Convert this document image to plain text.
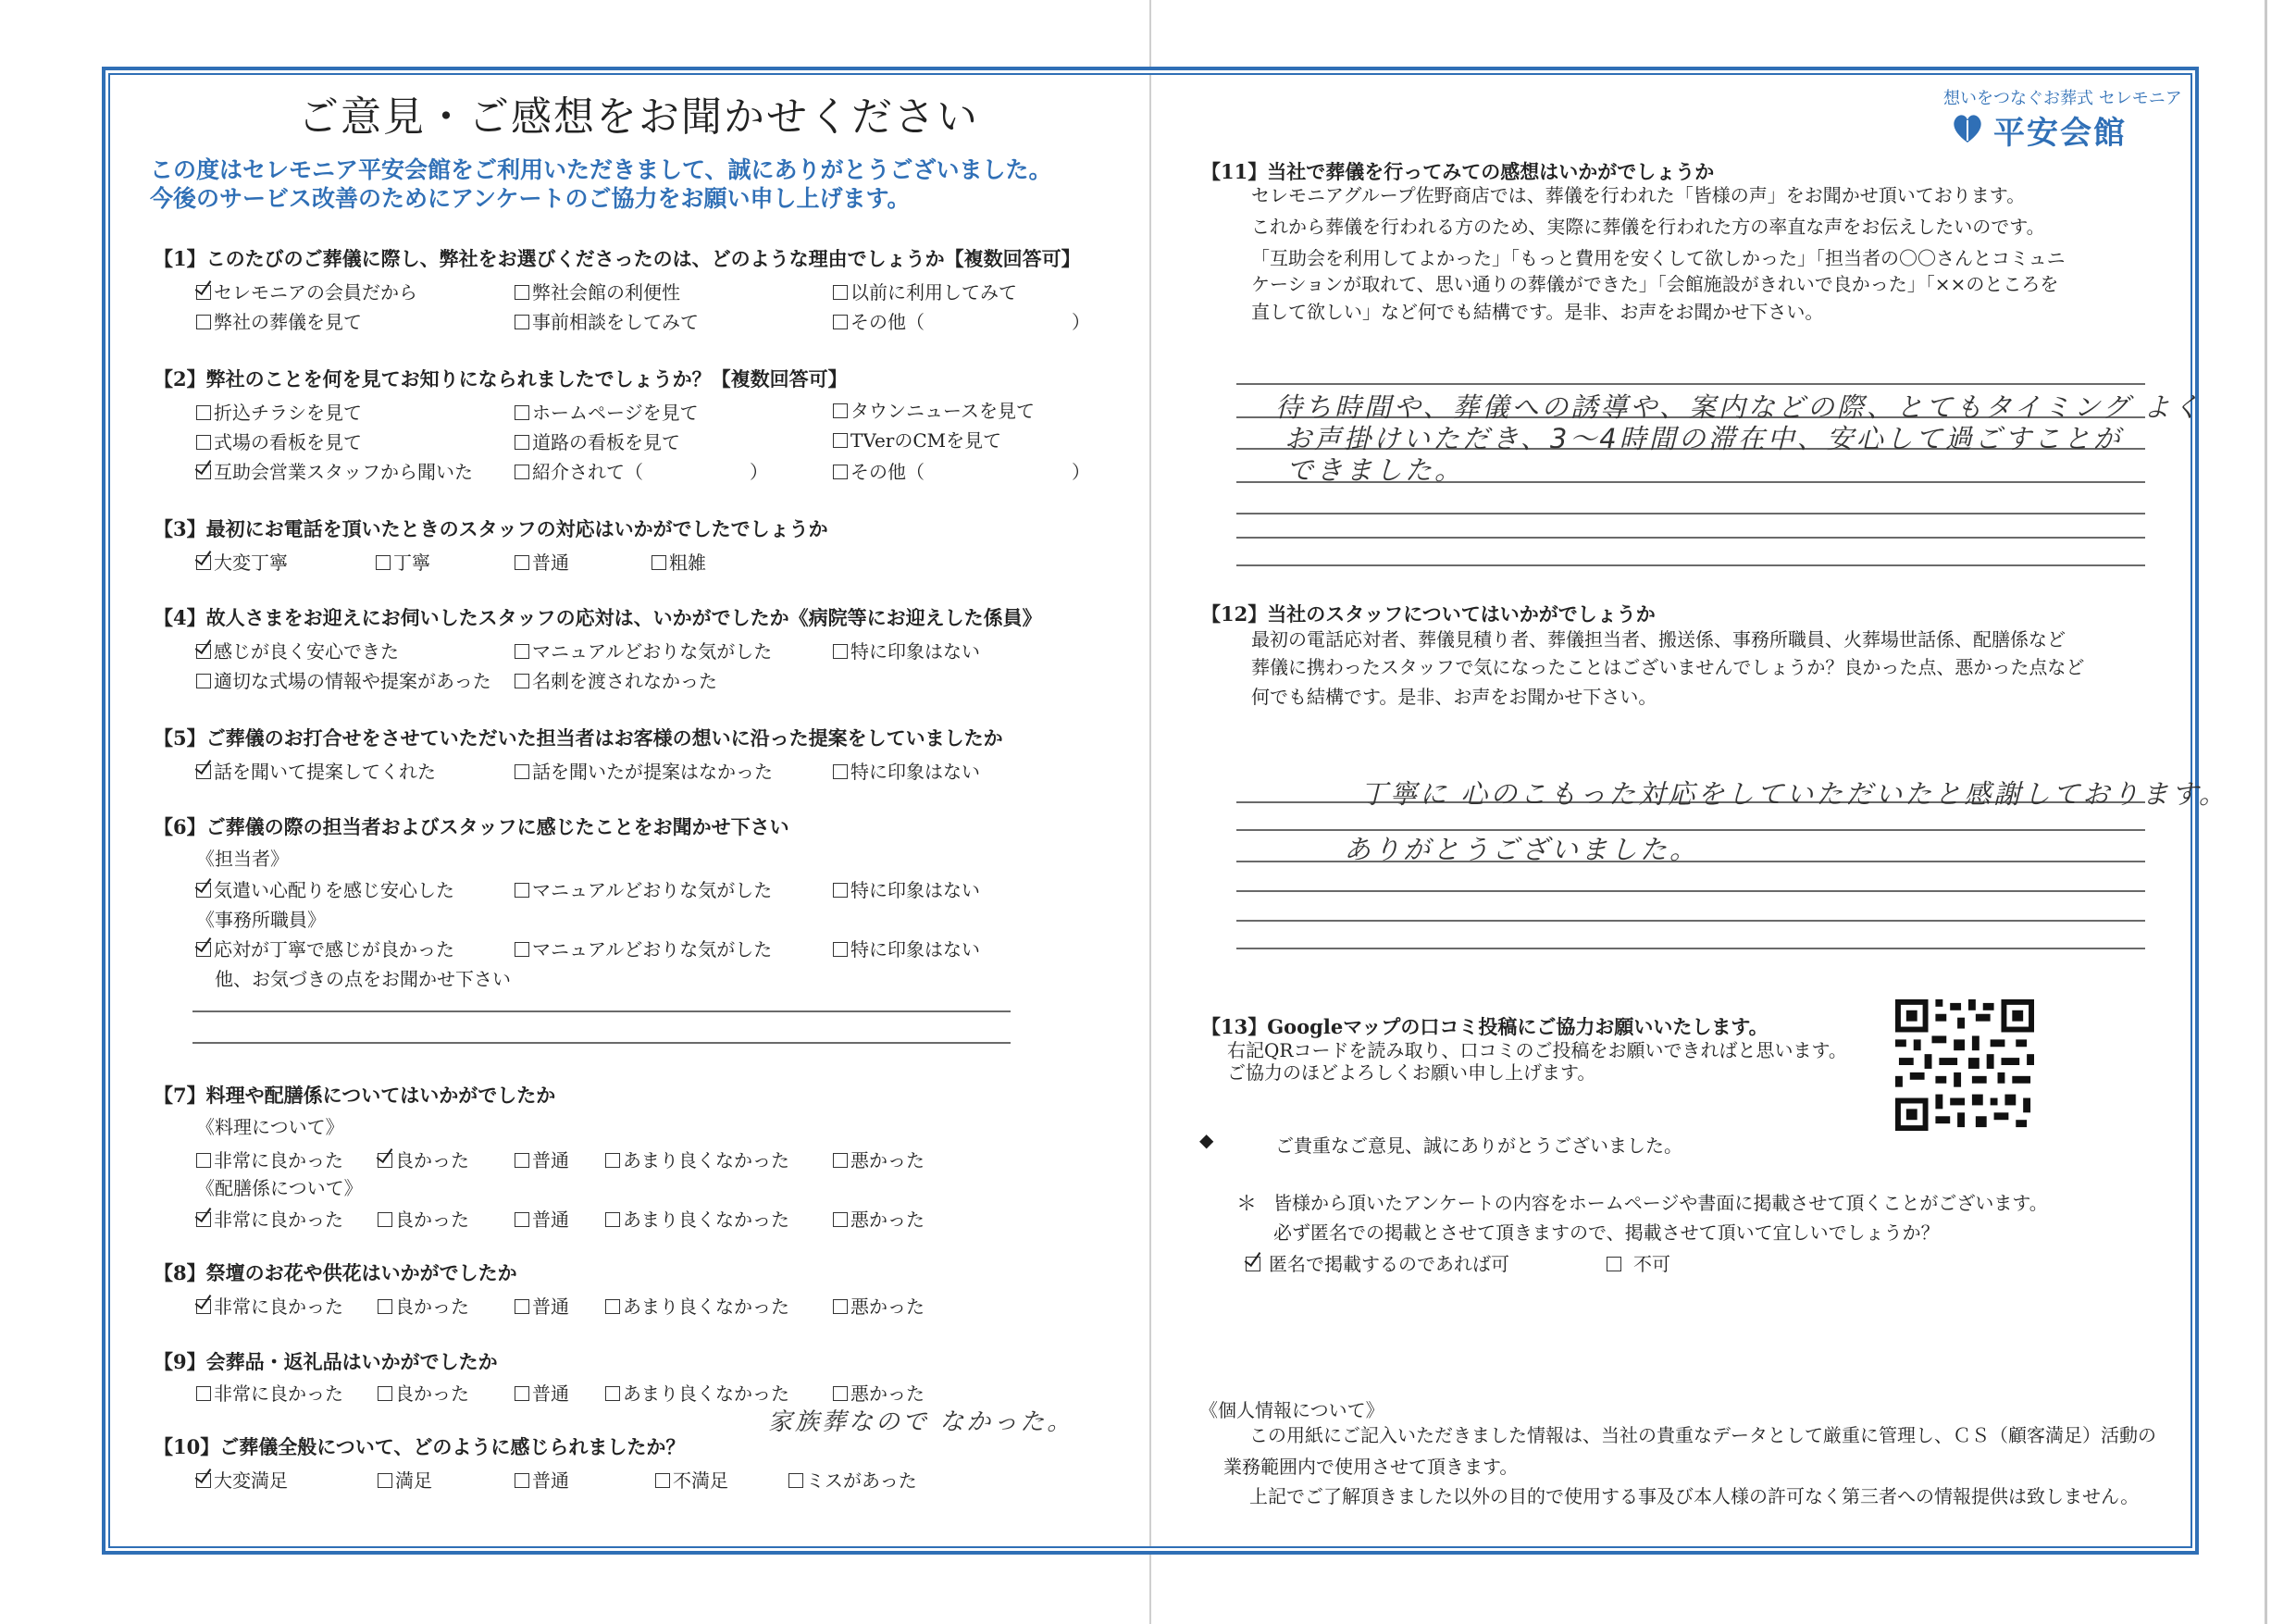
ご意見・ご感想をお聞かせください
この度はセレモニア平安会館をご利用いただきまして、誠にありがとうございました。
今後のサービス改善のためにアンケートのご協力をお願い申し上げます。
想いをつなぐお葬式 セレモニア
平安会館
【1】このたびのご葬儀に際し、弊社をお選びくださったのは、どのような理由でしょうか【複数回答可】
セレモニアの会員だから	弊社会館の利便性	以前に利用してみて
弊社の葬儀を見て	事前相談をしてみて	その他（	）
【2】弊社のことを何を見てお知りになられましたでしょうか？【複数回答可】
折込チラシを見て	ホームページを見て	タウンニュースを見て
式場の看板を見て	道路の看板を見て	TVerのCMを見て
互助会営業スタッフから聞いた	紹介されて（	）	その他（	）
【3】最初にお電話を頂いたときのスタッフの対応はいかがでしたでしょうか
大変丁寧	丁寧	普通	粗雑
【4】故人さまをお迎えにお伺いしたスタッフの応対は、いかがでしたか《病院等にお迎えした係員》
感じが良く安心できた	マニュアルどおりな気がした	特に印象はない
適切な式場の情報や提案があった	名刺を渡されなかった
【5】ご葬儀のお打合せをさせていただいた担当者はお客様の想いに沿った提案をしていましたか
話を聞いて提案してくれた	話を聞いたが提案はなかった	特に印象はない
【6】ご葬儀の際の担当者およびスタッフに感じたことをお聞かせ下さい
《担当者》
気遣い心配りを感じ安心した	マニュアルどおりな気がした	特に印象はない
《事務所職員》
応対が丁寧で感じが良かった	マニュアルどおりな気がした	特に印象はない
他、お気づきの点をお聞かせ下さい
【7】料理や配膳係についてはいかがでしたか
《料理について》
非常に良かった	良かった	普通	あまり良くなかった	悪かった
《配膳係について》
非常に良かった	良かった	普通	あまり良くなかった	悪かった
【8】祭壇のお花や供花はいかがでしたか
非常に良かった	良かった	普通	あまり良くなかった	悪かった
【9】会葬品・返礼品はいかがでしたか
非常に良かった	良かった	普通	あまり良くなかった	悪かった
家族葬なので なかった。
【10】ご葬儀全般について、どのように感じられましたか？
大変満足	満足	普通	不満足	ミスがあった
【11】当社で葬儀を行ってみての感想はいかがでしょうか
セレモニアグループ佐野商店では、葬儀を行われた「皆様の声」をお聞かせ頂いております。
これから葬儀を行われる方のため、実際に葬儀を行われた方の率直な声をお伝えしたいのです。
「互助会を利用してよかった」「もっと費用を安くして欲しかった」「担当者の〇〇さんとコミュニ
ケーションが取れて、思い通りの葬儀ができた」「会館施設がきれいで良かった」「××のところを
直して欲しい」など何でも結構です。是非、お声をお聞かせ下さい。
待ち時間や、葬儀への誘導や、案内などの際、とてもタイミング よく
お声掛けいただき、3〜4時間の滞在中、安心して過ごすことが
できました。
【12】当社のスタッフについてはいかがでしょうか
最初の電話応対者、葬儀見積り者、葬儀担当者、搬送係、事務所職員、火葬場世話係、配膳係など
葬儀に携わったスタッフで気になったことはございませんでしょうか？良かった点、悪かった点など
何でも結構です。是非、お声をお聞かせ下さい。
丁寧に 心のこもった対応をしていただいたと感謝しております。
ありがとうございました。
【13】Googleマップの口コミ投稿にご協力お願いいたします。
右記QRコードを読み取り、口コミのご投稿をお願いできればと思います。
ご協力のほどよろしくお願い申し上げます。
◆	ご貴重なご意見、誠にありがとうございました。
＊ 皆様から頂いたアンケートの内容をホームページや書面に掲載させて頂くことがございます。
必ず匿名での掲載とさせて頂きますので、掲載させて頂いて宜しいでしょうか？
匿名で掲載するのであれば可	不可
《個人情報について》
この用紙にご記入いただきました情報は、当社の貴重なデータとして厳重に管理し、ＣＳ（顧客満足）活動の
業務範囲内で使用させて頂きます。
上記でご了解頂きました以外の目的で使用する事及び本人様の許可なく第三者への情報提供は致しません。
